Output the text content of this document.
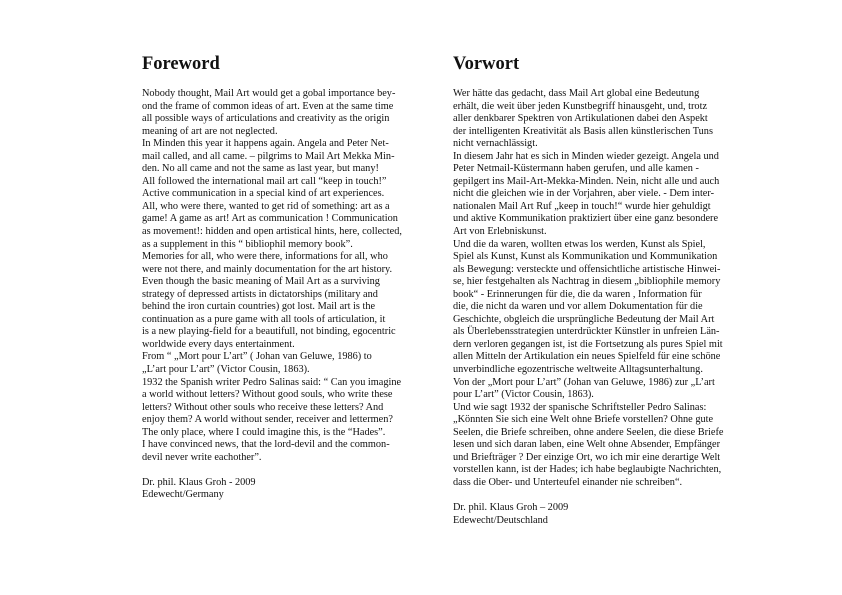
Foreword
Nobody thought, Mail Art would get a gobal importance bey-
ond the frame of common ideas of art. Even at the same time
all possible ways of articulations and creativity as the origin
meaning of art are not neglected.
In Minden this year it happens again. Angela and Peter Net-
mail called, and all came. – pilgrims to Mail Art Mekka Min-
den. No all came and not the same as last year, but many!
All followed the international mail art call “keep in touch!”
Active communication in a special kind of art experiences.
All, who were there, wanted to get rid of something: art as a
game! A game as art! Art as communication ! Communication
as movement!: hidden and open artistical hints, here, collected,
as a supplement in this “ bibliophil memory book”.
Memories for all, who were there, informations for all, who
were not there, and mainly documentation for the art history.
Even though the basic meaning of Mail Art as a surviving
strategy of depressed artists in dictatorships (military and
behind the iron curtain countries) got lost. Mail art is the
continuation as a pure game with all tools of articulation, it
is a new playing-field for a beautifull, not binding, egocentric
worldwide every days entertainment.
From “ „Mort pour L’art” ( Johan van Geluwe, 1986) to
„L’art pour L’art” (Victor Cousin, 1863).
1932 the Spanish writer Pedro Salinas said: “ Can you imagine
a world without letters? Without good souls, who write these
letters? Without other souls who receive these letters? And
enjoy them? A world without sender, receiver and lettermen?
The only place, where I could imagine this, is the “Hades”.
I have convinced news, that the lord-devil and the common-
devil never write eachother”.
Dr. phil. Klaus Groh - 2009
Edewecht/Germany
Vorwort
Wer hätte das gedacht, dass Mail Art global eine Bedeutung
erhält, die weit über jeden Kunstbegriff hinausgeht, und, trotz
aller denkbarer Spektren von Artikulationen dabei den Aspekt
der intelligenten Kreativität als Basis allen künstlerischen Tuns
nicht vernachlässigt.
In diesem Jahr hat es sich in Minden wieder gezeigt. Angela und
Peter Netmail-Küstermann haben gerufen, und alle kamen -
gepilgert ins Mail-Art-Mekka-Minden. Nein, nicht alle und auch
nicht die gleichen wie in der Vorjahren, aber viele. - Dem inter-
nationalen Mail Art Ruf „keep in touch!“ wurde hier gehuldigt
und aktive Kommunikation praktiziert über eine ganz besondere
Art von Erlebniskunst.
Und die da waren, wollten etwas los werden, Kunst als Spiel,
Spiel als Kunst, Kunst als Kommunikation und Kommunikation
als Bewegung: versteckte und offensichtliche artistische Hinwei-
se, hier festgehalten als Nachtrag in diesem „bibliophile memory
book“ - Erinnerungen für die, die da waren , Information für
die, die nicht da waren und vor allem Dokumentation für die
Geschichte, obgleich die ursprüngliche Bedeutung der Mail Art
als Überlebensstrategien unterdrückter Künstler in unfreien Län-
dern verloren gegangen ist, ist die Fortsetzung als pures Spiel mit
allen Mitteln der Artikulation ein neues Spielfeld für eine schöne
unverbindliche egozentrische weltweite Alltagsunterhaltung.
Von der „Mort pour L’art” (Johan van Geluwe, 1986) zur „L’art
pour L’art” (Victor Cousin, 1863).
Und wie sagt 1932 der spanische Schriftsteller Pedro Salinas:
„Könnten Sie sich eine Welt ohne Briefe vorstellen? Ohne gute
Seelen, die Briefe schreiben, ohne andere Seelen, die diese Briefe
lesen und sich daran laben, eine Welt ohne Absender, Empfänger
und Briefträger ? Der einzige Ort, wo ich mir eine derartige Welt
vorstellen kann, ist der Hades; ich habe beglaubigte Nachrichten,
dass die Ober- und Unterteufel einander nie schreiben“.
Dr. phil. Klaus Groh – 2009
Edewecht/Deutschland
